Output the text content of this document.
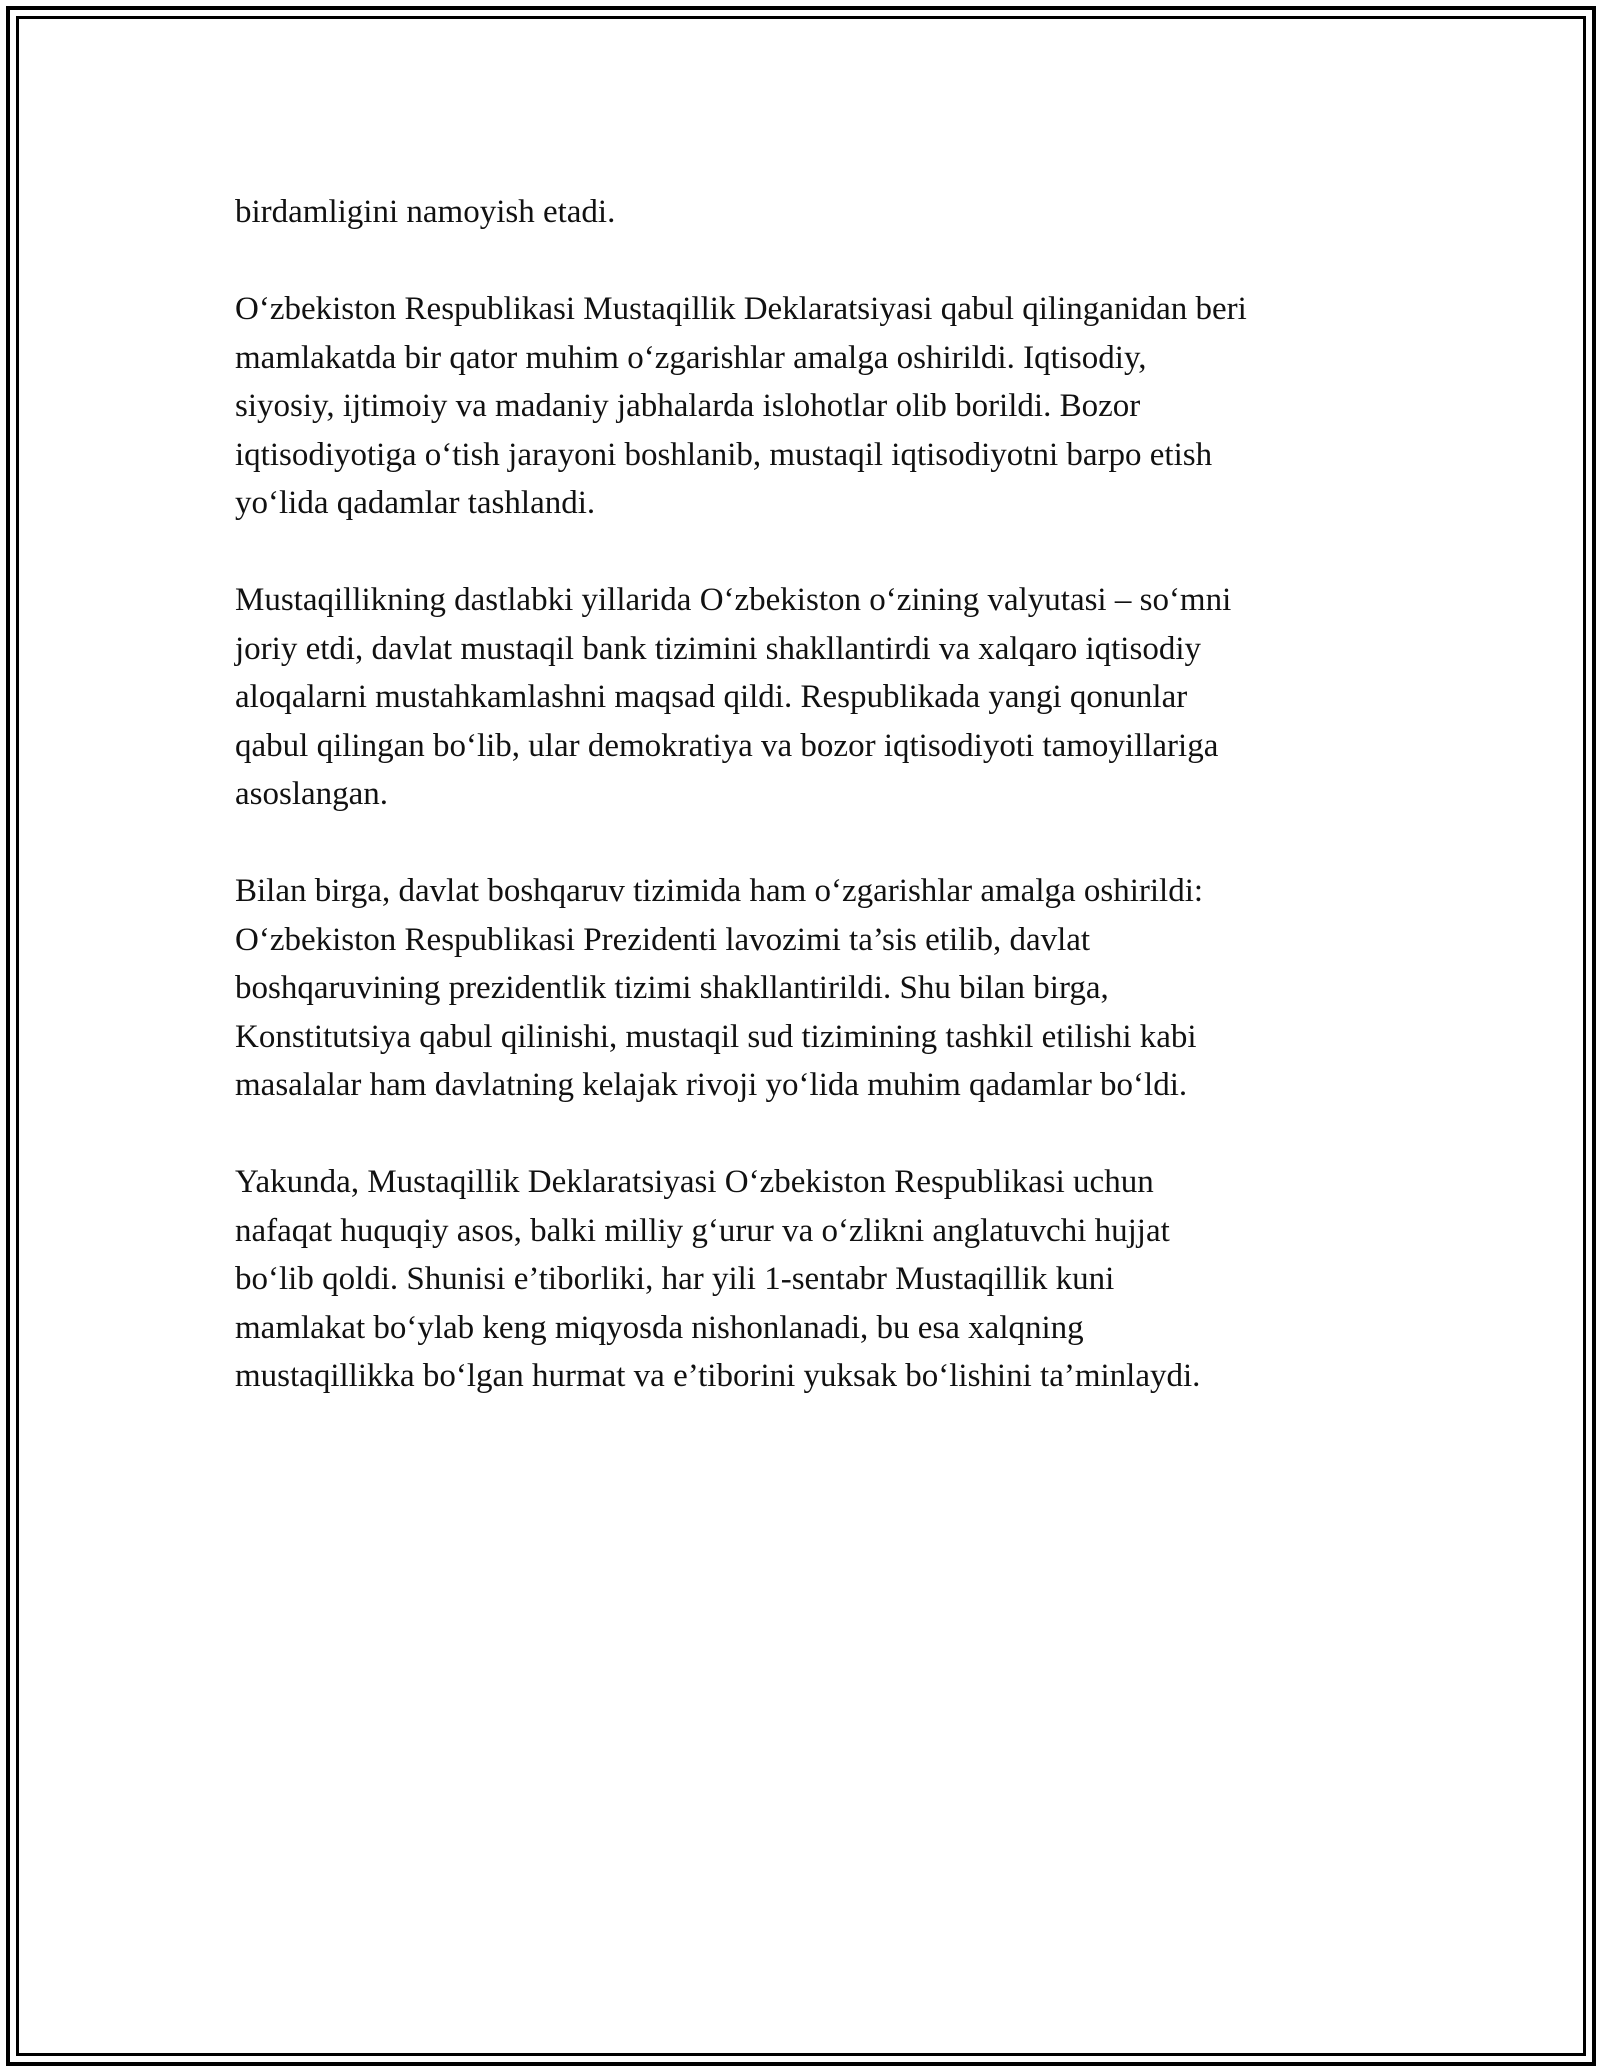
birdamligini namoyish etadi.

O‘zbekiston Respublikasi Mustaqillik Deklaratsiyasi qabul qilinganidan beri
mamlakatda bir qator muhim o‘zgarishlar amalga oshirildi. Iqtisodiy,
siyosiy, ijtimoiy va madaniy jabhalarda islohotlar olib borildi. Bozor
iqtisodiyotiga o‘tish jarayoni boshlanib, mustaqil iqtisodiyotni barpo etish
yo‘lida qadamlar tashlandi.

Mustaqillikning dastlabki yillarida O‘zbekiston o‘zining valyutasi – so‘mni
joriy etdi, davlat mustaqil bank tizimini shakllantirdi va xalqaro iqtisodiy
aloqalarni mustahkamlashni maqsad qildi. Respublikada yangi qonunlar
qabul qilingan bo‘lib, ular demokratiya va bozor iqtisodiyoti tamoyillariga
asoslangan.

Bilan birga, davlat boshqaruv tizimida ham o‘zgarishlar amalga oshirildi:
O‘zbekiston Respublikasi Prezidenti lavozimi ta’sis etilib, davlat
boshqaruvining prezidentlik tizimi shakllantirildi. Shu bilan birga,
Konstitutsiya qabul qilinishi, mustaqil sud tizimining tashkil etilishi kabi
masalalar ham davlatning kelajak rivoji yo‘lida muhim qadamlar bo‘ldi.

Yakunda, Mustaqillik Deklaratsiyasi O‘zbekiston Respublikasi uchun
nafaqat huquqiy asos, balki milliy g‘urur va o‘zlikni anglatuvchi hujjat
bo‘lib qoldi. Shunisi e’tiborliki, har yili 1-sentabr Mustaqillik kuni
mamlakat bo‘ylab keng miqyosda nishonlanadi, bu esa xalqning
mustaqillikka bo‘lgan hurmat va e’tiborini yuksak bo‘lishini ta’minlaydi.
